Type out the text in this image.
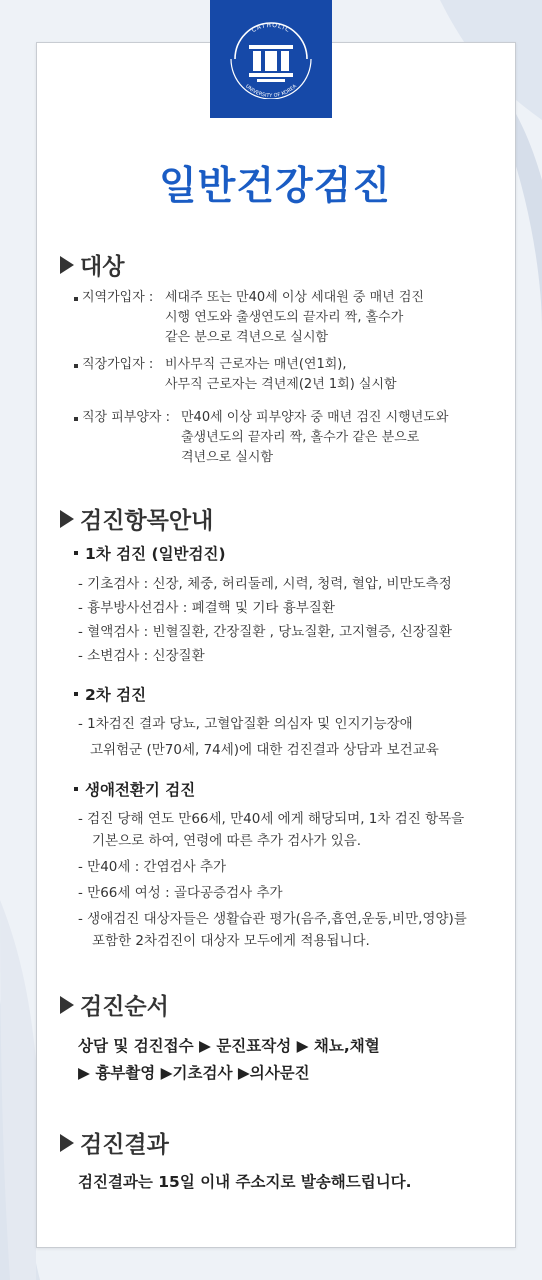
CATHOLIC
UNIVERSITY OF KOREA
일반건강검진
대상
지역가입자 : 세대주 또는 만40세 이상 세대원 중 매년 검진
시행 연도와 출생연도의 끝자리 짝, 홀수가
같은 분으로 격년으로 실시함
직장가입자 : 비사무직 근로자는 매년(연1회),
사무직 근로자는 격년제(2년 1회) 실시함
직장 피부양자 : 만40세 이상 피부양자 중 매년 검진 시행년도와
출생년도의 끝자리 짝, 홀수가 같은 분으로
격년으로 실시함
검진항목안내
1차 검진 (일반검진)
- 기초검사 : 신장, 체중, 허리둘레, 시력, 청력, 혈압, 비만도측정
- 흉부방사선검사 : 폐결핵 및 기타 흉부질환
- 혈액검사 : 빈혈질환, 간장질환 , 당뇨질환, 고지혈증, 신장질환
- 소변검사 : 신장질환
2차 검진
- 1차검진 결과 당뇨, 고혈압질환 의심자 및 인지기능장애
고위험군 (만70세, 74세)에 대한 검진결과 상담과 보건교육
생애전환기 검진
- 검진 당해 연도 만66세, 만40세 에게 해당되며, 1차 검진 항목을
기본으로 하여, 연령에 따른 추가 검사가 있음.
- 만40세 : 간염검사 추가
- 만66세 여성 : 골다공증검사 추가
- 생애검진 대상자들은 생활습관 평가(음주,흡연,운동,비만,영양)를
포함한 2차검진이 대상자 모두에게 적용됩니다.
검진순서
상담 및 검진접수 ▶ 문진표작성 ▶ 채뇨,채혈
▶ 흉부촬영 ▶기초검사 ▶의사문진
검진결과
검진결과는 15일 이내 주소지로 발송해드립니다.
